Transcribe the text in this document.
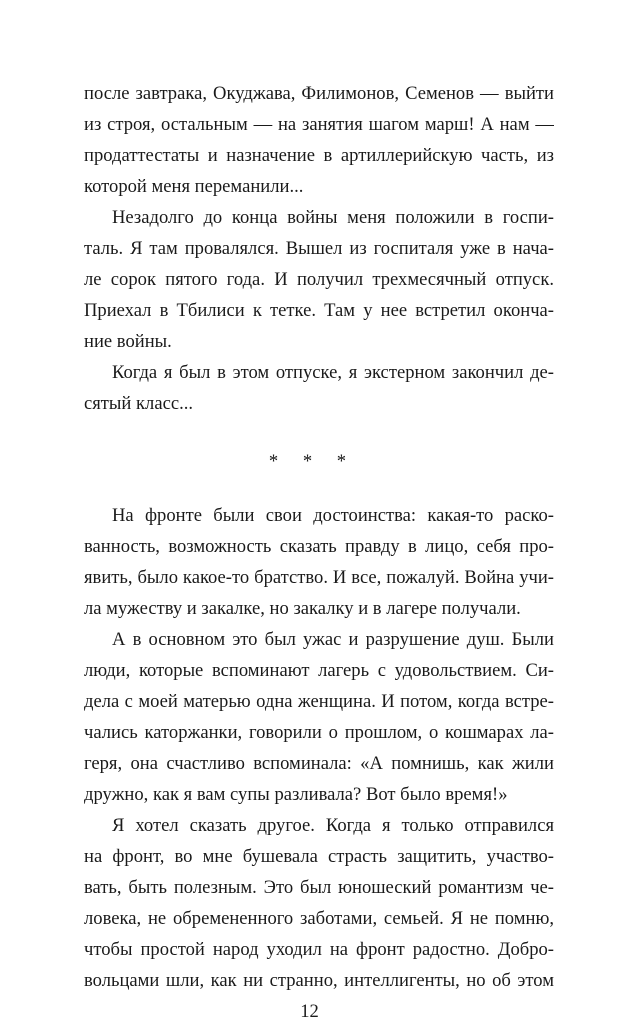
после завтрака, Окуджава, Филимонов, Семенов — выйти
из строя, остальным — на занятия шагом марш! А нам —
продаттестаты и назначение в артиллерийскую часть, из
которой меня переманили...
Незадолго до конца войны меня положили в госпи-
таль. Я там провалялся. Вышел из госпиталя уже в нача-
ле сорок пятого года. И получил трехмесячный отпуск.
Приехал в Тбилиси к тетке. Там у нее встретил оконча-
ние войны.
Когда я был в этом отпуске, я экстерном закончил де-
сятый класс...
* * *
На фронте были свои достоинства: какая-то раско-
ванность, возможность сказать правду в лицо, себя про-
явить, было какое-то братство. И все, пожалуй. Война учи-
ла мужеству и закалке, но закалку и в лагере получали.
А в основном это был ужас и разрушение душ. Были
люди, которые вспоминают лагерь с удовольствием. Си-
дела с моей матерью одна женщина. И потом, когда встре-
чались каторжанки, говорили о прошлом, о кошмарах ла-
геря, она счастливо вспоминала: «А помнишь, как жили
дружно, как я вам супы разливала? Вот было время!»
Я хотел сказать другое. Когда я только отправился
на фронт, во мне бушевала страсть защитить, участво-
вать, быть полезным. Это был юношеский романтизм че-
ловека, не обремененного заботами, семьей. Я не помню,
чтобы простой народ уходил на фронт радостно. Добро-
вольцами шли, как ни странно, интеллигенты, но об этом
12
